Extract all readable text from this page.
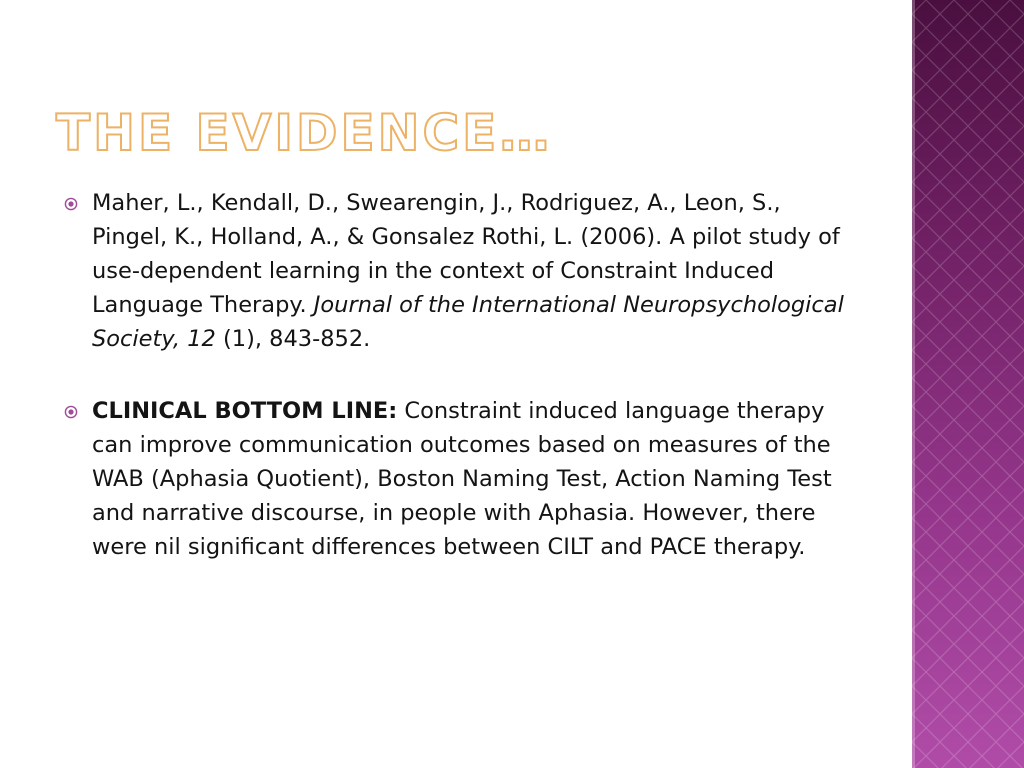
THE EVIDENCE…
Maher, L., Kendall, D., Swearengin, J., Rodriguez, A., Leon, S., Pingel, K., Holland, A., & Gonsalez Rothi, L. (2006). A pilot study of use-dependent learning in the context of Constraint Induced Language Therapy. Journal of the International Neuropsychological Society, 12 (1), 843-852.
CLINICAL BOTTOM LINE: Constraint induced language therapy can improve communication outcomes based on measures of the WAB (Aphasia Quotient), Boston Naming Test, Action Naming Test and narrative discourse, in people with Aphasia. However, there were nil significant differences between CILT and PACE therapy.
